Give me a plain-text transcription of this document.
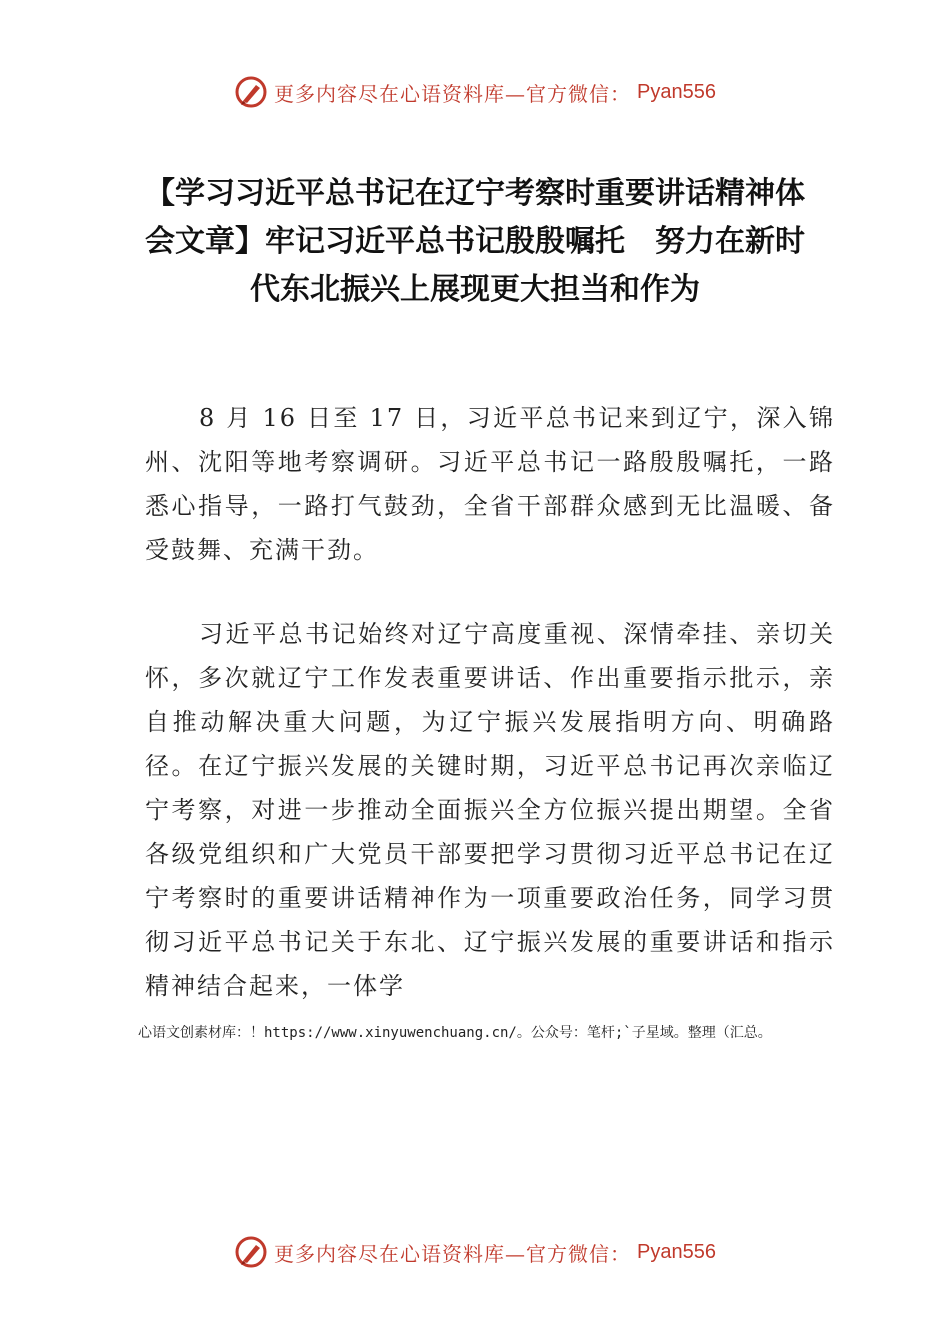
更多内容尽在心语资料库—官方微信： Pyan556
【学习习近平总书记在辽宁考察时重要讲话精神体会文章】牢记习近平总书记殷殷嘱托　努力在新时代东北振兴上展现更大担当和作为

8 月 16 日至 17 日，习近平总书记来到辽宁，深入锦州、沈阳等地考察调研。习近平总书记一路殷殷嘱托，一路悉心指导，一路打气鼓劲，全省干部群众感到无比温暖、备受鼓舞、充满干劲。

习近平总书记始终对辽宁高度重视、深情牵挂、亲切关怀，多次就辽宁工作发表重要讲话、作出重要指示批示，亲自推动解决重大问题，为辽宁振兴发展指明方向、明确路径。在辽宁振兴发展的关键时期，习近平总书记再次亲临辽宁考察，对进一步推动全面振兴全方位振兴提出期望。全省各级党组织和广大党员干部要把学习贯彻习近平总书记在辽宁考察时的重要讲话精神作为一项重要政治任务，同学习贯彻习近平总书记关于东北、辽宁振兴发展的重要讲话和指示精神结合起来，一体学

心语文创素材库：！https://www.xinyuwenchuang.cn/。公众号：笔杆;`子星域。整理（汇总。

更多内容尽在心语资料库—官方微信： Pyan556
